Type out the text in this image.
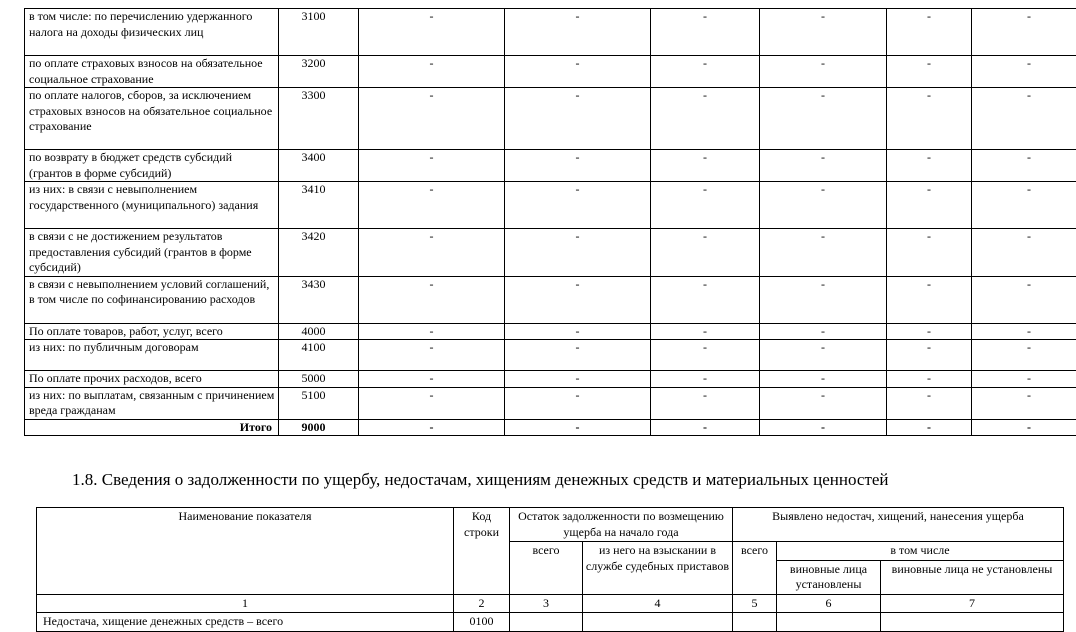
в том числе: по перечислению удержанного налога на доходы физических лиц	3100	-	-	-	-	-	-
по оплате страховых взносов на обязательное социальное страхование	3200	-	-	-	-	-	-
по оплате налогов, сборов, за исключением страховых взносов на обязательное социальное страхование	3300	-	-	-	-	-	-
по возврату в бюджет средств субсидий (грантов в форме субсидий)	3400	-	-	-	-	-	-
из них: в связи с невыполнением государственного (муниципального) задания	3410	-	-	-	-	-	-
в связи с не достижением результатов предоставления субсидий (грантов в форме субсидий)	3420	-	-	-	-	-	-
в связи с невыполнением условий соглашений, в том числе по софинансированию расходов	3430	-	-	-	-	-	-
По оплате товаров, работ, услуг, всего	4000	-	-	-	-	-	-
из них: по публичным договорам	4100	-	-	-	-	-	-
По оплате прочих расходов, всего	5000	-	-	-	-	-	-
из них: по выплатам, связанным с причинением вреда гражданам	5100	-	-	-	-	-	-
Итого	9000	-	-	-	-	-	-
1.8. Сведения о задолженности по ущербу, недостачам, хищениям денежных средств и материальных ценностей
Наименование показателя	Код строки	Остаток задолженности по возмещению ущерба на начало года		Выявлено недостач, хищений, нанесения ущерба		
		всего	из него на взыскании в службе судебных приставов	всего	в том числе	
					виновные лица установлены	виновные лица не установлены
1	2	3	4	5	6	7
Недостача, хищение денежных средств – всего	0100					
